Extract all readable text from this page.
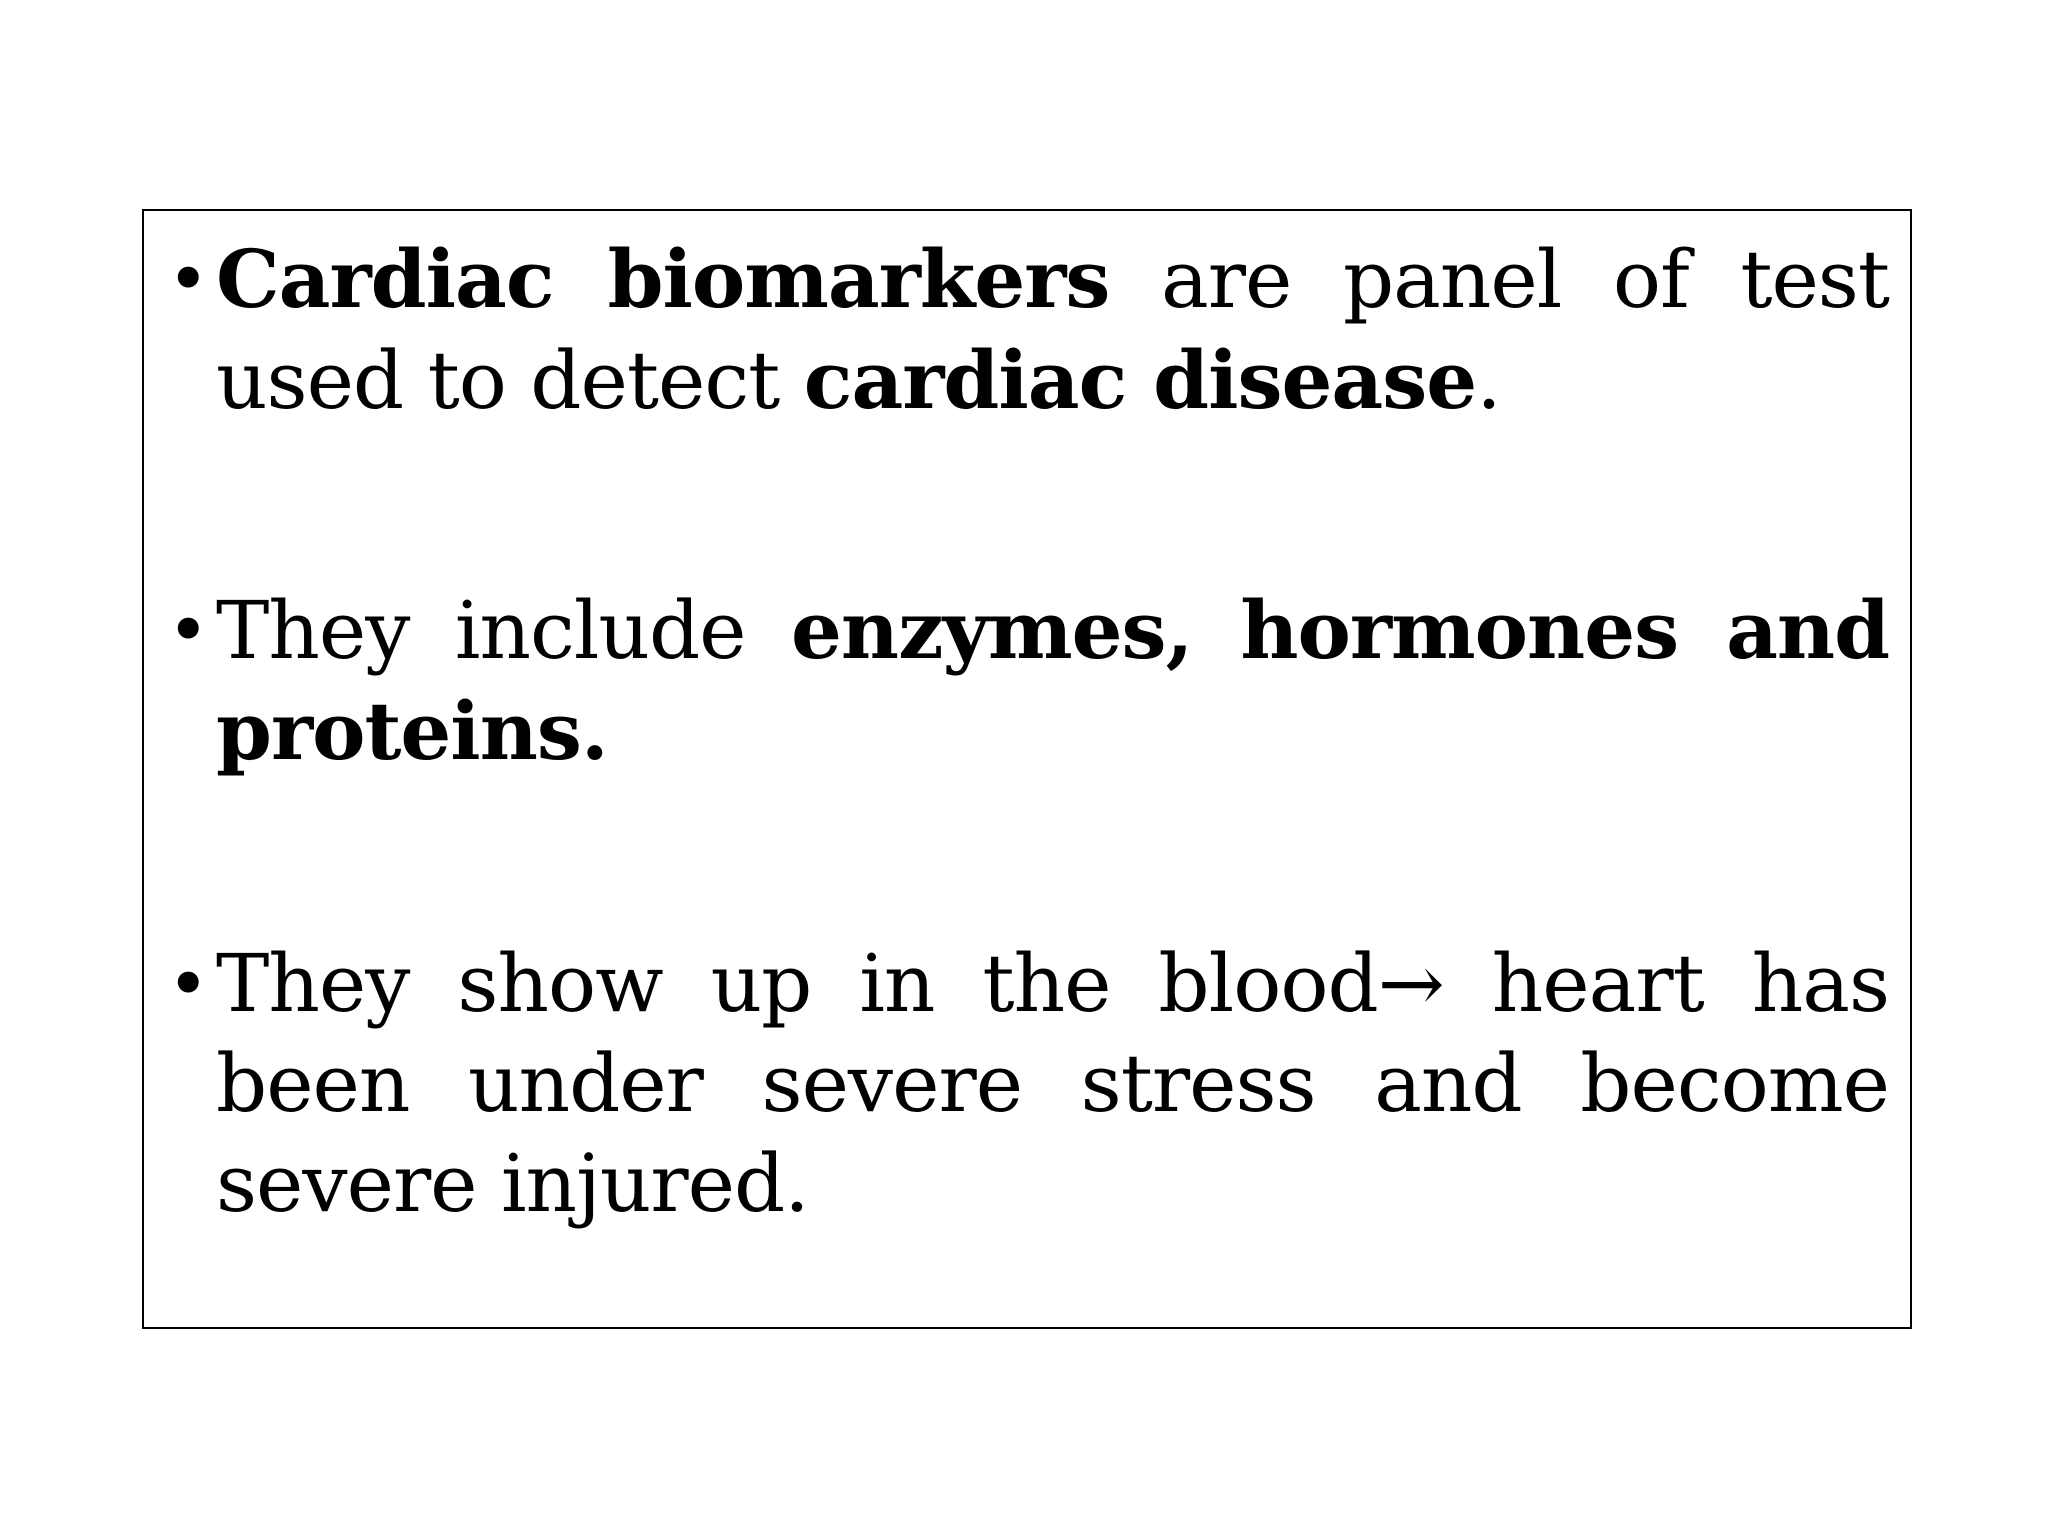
• Cardiac biomarkers are panel of test used to detect cardiac disease.
• They include enzymes, hormones and proteins.
• They show up in the blood→ heart has been under severe stress and become severe injured.
